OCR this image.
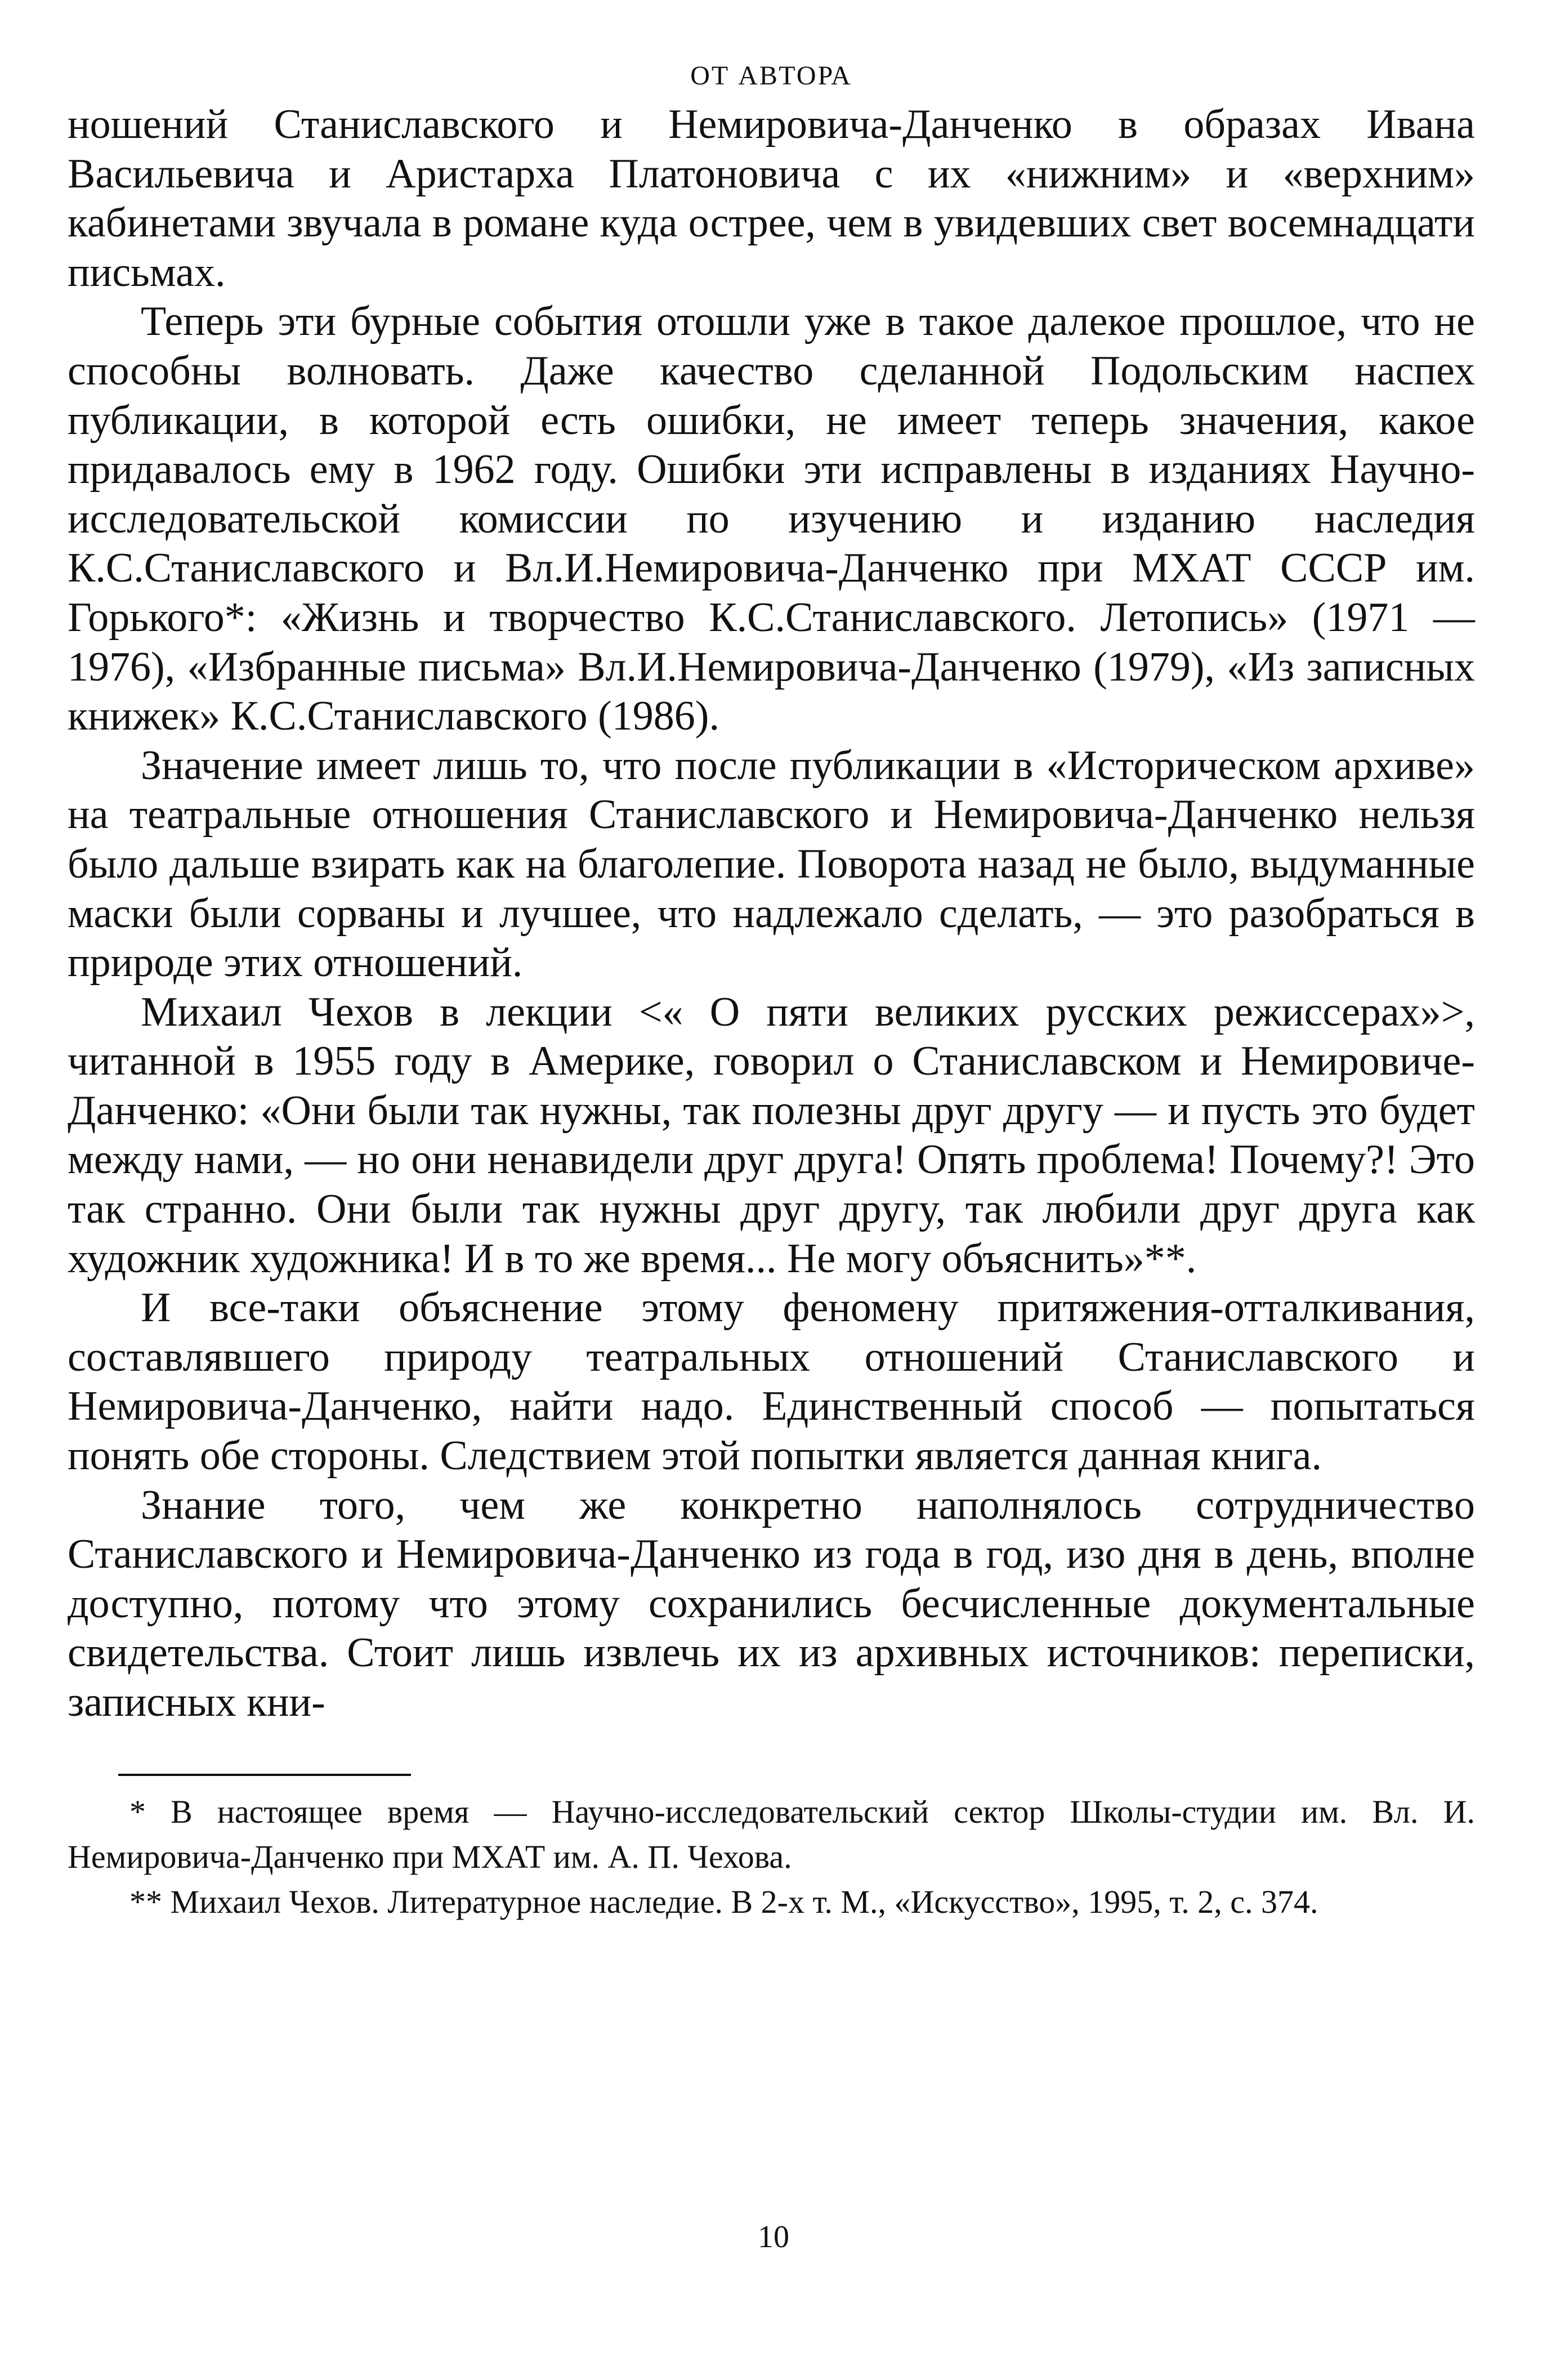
ОТ АВТОРА

ношений Станиславского и Немировича-Данченко в образах Ивана Васильевича и Аристарха Платоновича с их «нижним» и «верхним» кабинетами звучала в романе куда острее, чем в увидевших свет восемнадцати письмах.

Теперь эти бурные события отошли уже в такое далекое прошлое, что не способны волновать. Даже качество сделанной Подольским наспех публикации, в которой есть ошибки, не имеет теперь значения, какое придавалось ему в 1962 году. Ошибки эти исправлены в изданиях Научно-исследовательской комиссии по изучению и изданию наследия К.С.Станиславского и Вл.И.Немировича-Данченко при МХАТ СССР им. Горького*: «Жизнь и творчество К.С.Станиславского. Летопись» (1971 — 1976), «Избранные письма» Вл.И.Немировича-Данченко (1979), «Из записных книжек» К.С.Станиславского (1986).

Значение имеет лишь то, что после публикации в «Историческом архиве» на театральные отношения Станиславского и Немировича-Данченко нельзя было дальше взирать как на благолепие. Поворота назад не было, выдуманные маски были сорваны и лучшее, что надлежало сделать, — это разобраться в природе этих отношений.

Михаил Чехов в лекции <« О пяти великих русских режиссерах»>, читанной в 1955 году в Америке, говорил о Станиславском и Немировиче-Данченко: «Они были так нужны, так полезны друг другу — и пусть это будет между нами, — но они ненавидели друг друга! Опять проблема! Почему?! Это так странно. Они были так нужны друг другу, так любили друг друга как художник художника! И в то же время... Не могу объяснить»**.

И все-таки объяснение этому феномену притяжения-отталкивания, составлявшего природу театральных отношений Станиславского и Немировича-Данченко, найти надо. Единственный способ — попытаться понять обе стороны. Следствием этой попытки является данная книга.

Знание того, чем же конкретно наполнялось сотрудничество Станиславского и Немировича-Данченко из года в год, изо дня в день, вполне доступно, потому что этому сохранились бесчисленные документальные свидетельства. Стоит лишь извлечь их из архивных источников: переписки, записных кни-

* В настоящее время — Научно-исследовательский сектор Школы-студии им. Вл. И. Немировича-Данченко при МХАТ им. А. П. Чехова.

** Михаил Чехов. Литературное наследие. В 2-х т. М., «Искусство», 1995, т. 2, с. 374.

10
